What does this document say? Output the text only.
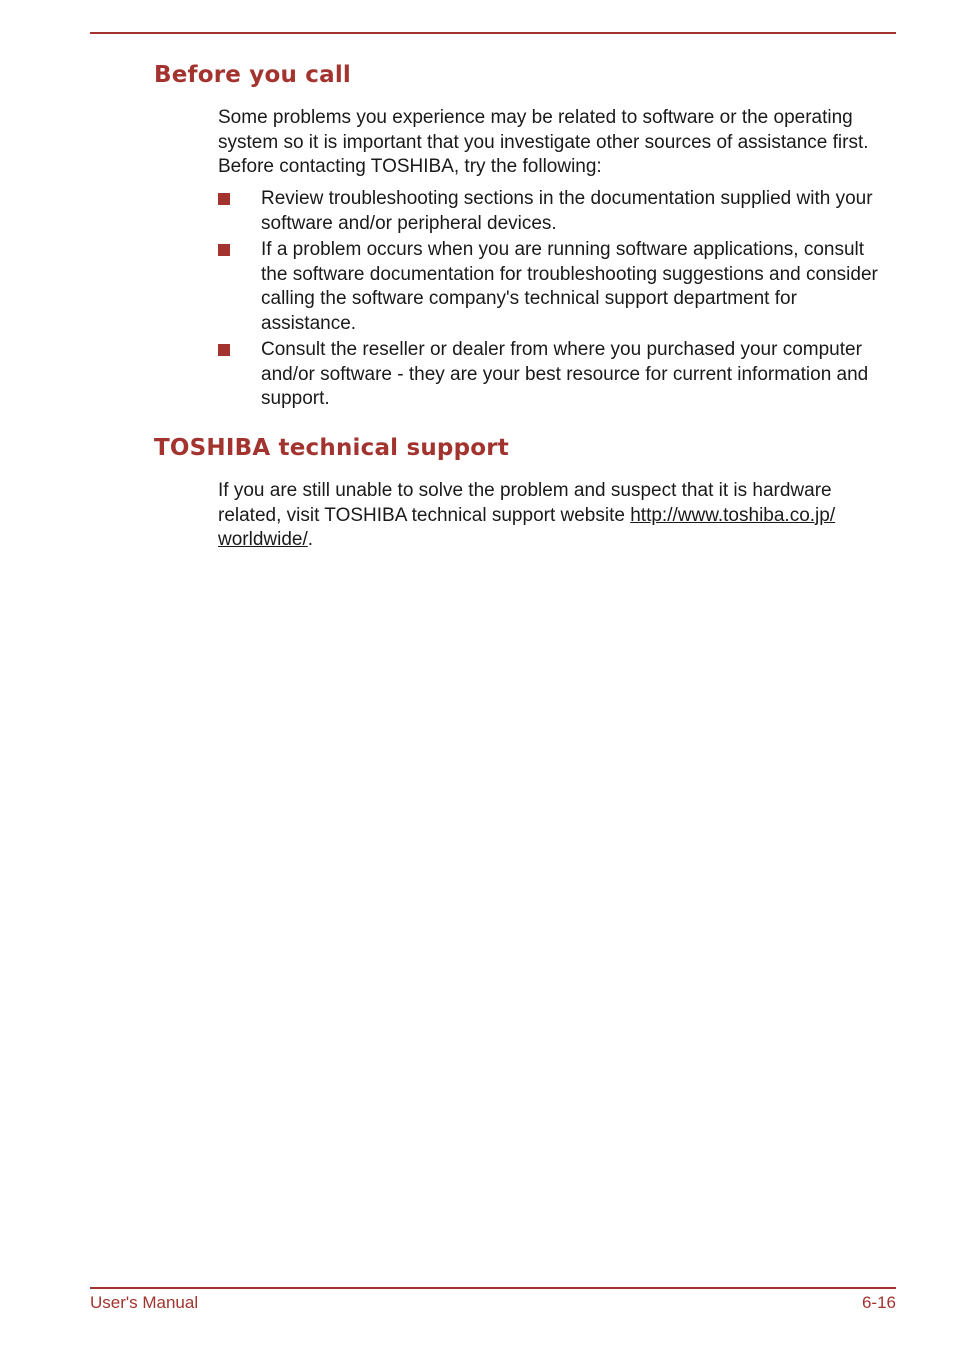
Before you call

Some problems you experience may be related to software or the operating system so it is important that you investigate other sources of assistance first. Before contacting TOSHIBA, try the following:

Review troubleshooting sections in the documentation supplied with your software and/or peripheral devices.
If a problem occurs when you are running software applications, consult the software documentation for troubleshooting suggestions and consider calling the software company's technical support department for assistance.
Consult the reseller or dealer from where you purchased your computer and/or software - they are your best resource for current information and support.
TOSHIBA technical support

If you are still unable to solve the problem and suspect that it is hardware related, visit TOSHIBA technical support website http://www.toshiba.co.jp/worldwide/.

User's Manual	6-16
